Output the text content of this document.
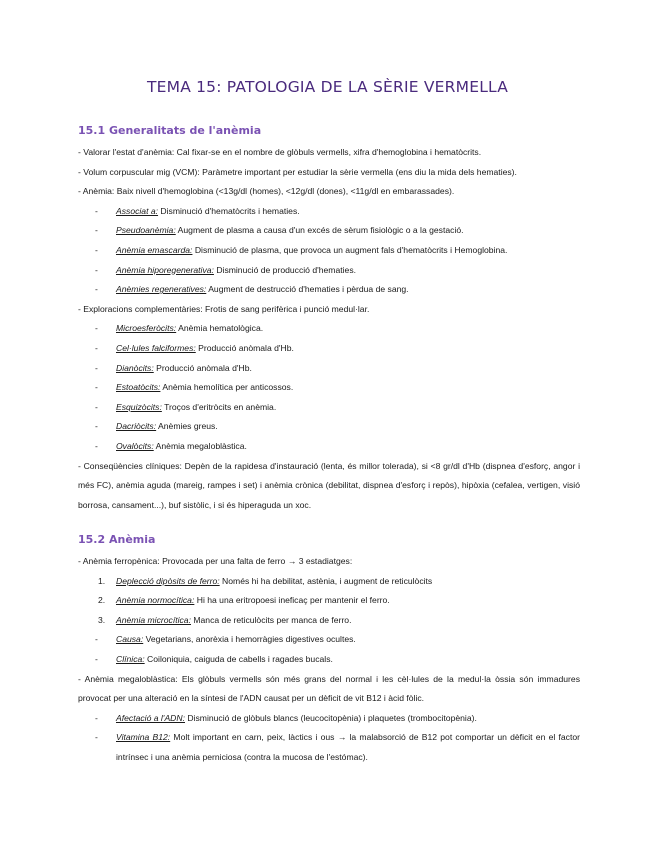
TEMA 15: PATOLOGIA DE LA SÈRIE VERMELLA
15.1 Generalitats de l'anèmia

- Valorar l'estat d'anèmia: Cal fixar-se en el nombre de glòbuls vermells, xifra d'hemoglobina i hematòcrits.

- Volum corpuscular mig (VCM): Paràmetre important per estudiar la sèrie vermella (ens diu la mida dels hematies).

- Anèmia: Baix nivell d'hemoglobina (<13g/dl (homes), <12g/dl (dones), <11g/dl en embarassades).

- Associat a: Disminució d'hematòcrits i hematies.

- Pseudoanèmia: Augment de plasma a causa d'un excés de sèrum fisiològic o a la gestació.

- Anèmia emascarda: Disminució de plasma, que provoca un augment fals d'hematòcrits i Hemoglobina.

- Anèmia hiporegenerativa: Disminució de producció d'hematies.

- Anèmies regeneratives: Augment de destrucció d'hematies i pèrdua de sang.

- Exploracions complementàries: Frotis de sang perifèrica i punció medul·lar.

- Microesferòcits: Anèmia hematològica.

- Cel·lules falciformes: Producció anòmala d'Hb.

- Dianòcits: Producció anòmala d'Hb.

- Estoatòcits: Anèmia hemolítica per anticossos.

- Esquizòcits: Troços d'eritròcits en anèmia.

- Dacriòcits: Anèmies greus.

- Ovalòcits: Anèmia megaloblàstica.

- Conseqüències clíniques: Depèn de la rapidesa d'instauració (lenta, és millor tolerada), si <8 gr/dl d'Hb (dispnea d'esforç, angor i més FC), anèmia aguda (mareig, rampes i set) i anèmia crònica (debilitat, dispnea d'esforç i repòs), hipòxia (cefalea, vertigen, visió borrosa, cansament...), buf sistòlic, i si és hiperaguda un xoc.

15.2 Anèmia

- Anèmia ferropènica: Provocada per una falta de ferro → 3 estadiatges:

1. Deplecció dipòsits de ferro: Només hi ha debilitat, astènia, i augment de reticulòcits

2. Anèmia normocítica: Hi ha una eritropoesi ineficaç per mantenir el ferro.

3. Anèmia microcítica: Manca de reticulòcits per manca de ferro.

- Causa: Vegetarians, anorèxia i hemorràgies digestives ocultes.

- Clínica: Coiloniquia, caiguda de cabells i ragades bucals.

- Anèmia megaloblàstica: Els glòbuls vermells són més grans del normal i les cèl·lules de la medul·la òssia són immadures provocat per una alteració en la síntesi de l'ADN causat per un dèficit de vit B12 i àcid fòlic.

- Afectació a l'ADN: Disminució de glòbuls blancs (leucocitopènia) i plaquetes (trombocitopènia).

- Vitamina B12: Molt important en carn, peix, làctics i ous → la malabsorció de B12 pot comportar un dèficit en el factor intrínsec i una anèmia perniciosa (contra la mucosa de l'estómac).
